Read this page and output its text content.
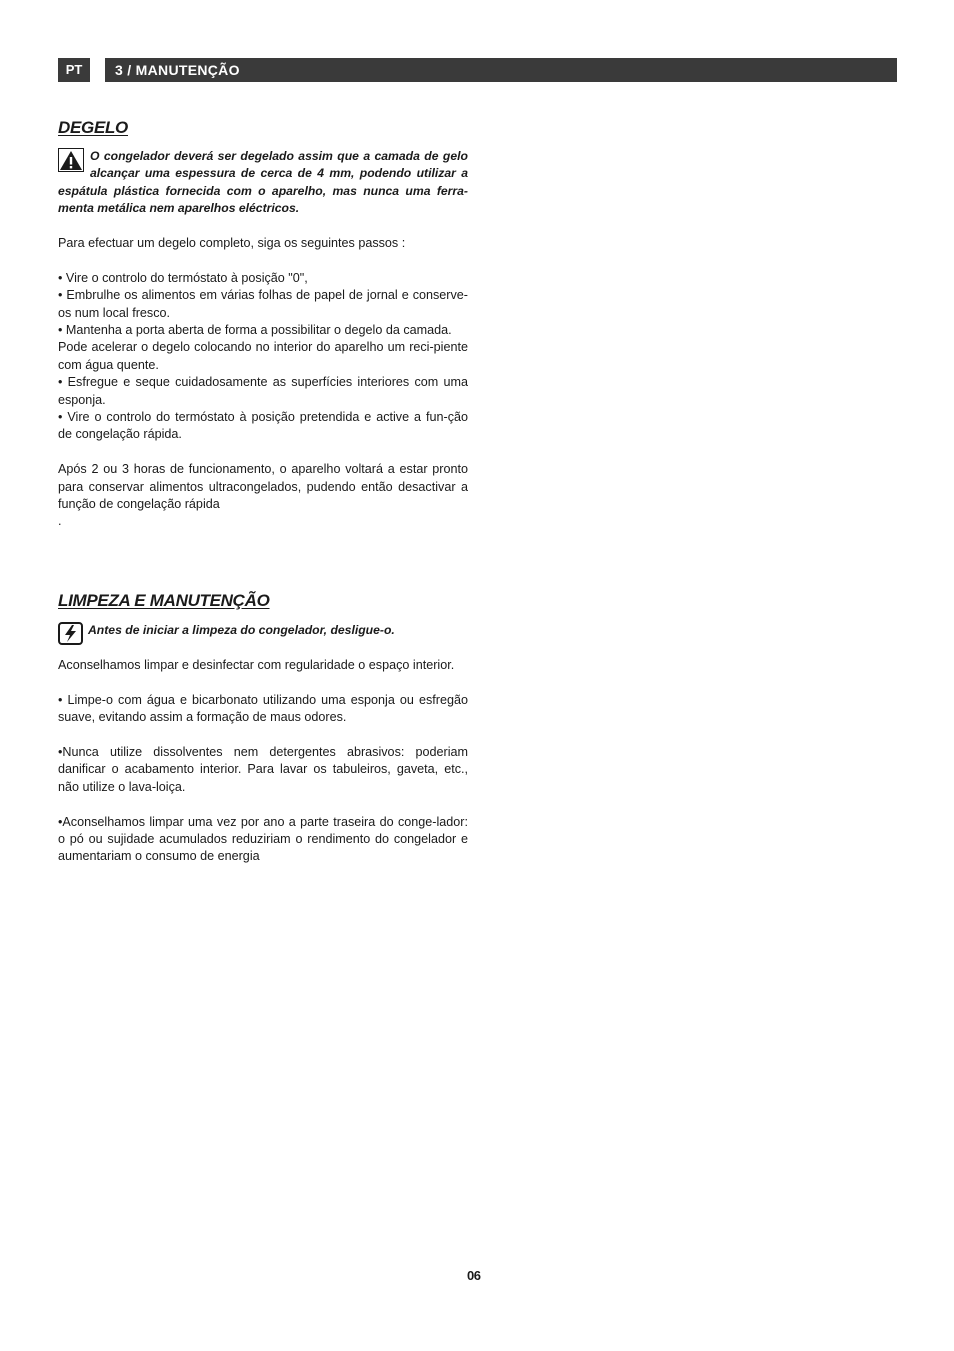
PT	3 / MANUTENÇÃO
DEGELO
O congelador deverá ser degelado assim que a camada de gelo alcançar uma espessura de cerca de 4 mm, podendo utilizar a espátula plástica fornecida com o aparelho, mas nunca uma ferra-menta metálica nem aparelhos eléctricos.

Para efectuar um degelo completo, siga os seguintes passos :

• Vire o controlo do termóstato à posição "0",

• Embrulhe os alimentos em várias folhas de papel de jornal e conserve-os num local fresco.

• Mantenha a porta aberta de forma a possibilitar o degelo da camada.

Pode acelerar o degelo colocando no interior do aparelho um reci-piente com água quente.

• Esfregue e seque cuidadosamente as superfícies interiores com uma esponja.

• Vire o controlo do termóstato à posição pretendida e active a fun-ção de congelação rápida.

Após 2 ou 3 horas de funcionamento, o aparelho voltará a estar pronto para conservar alimentos ultracongelados, pudendo então desactivar a função de congelação rápida

.

LIMPEZA E MANUTENÇÃO
Antes de iniciar a limpeza do congelador, desligue-o.

Aconselhamos limpar e desinfectar com regularidade o espaço interior.

• Limpe-o com água e bicarbonato utilizando uma esponja ou esfregão suave, evitando assim a formação de maus odores.

•Nunca utilize dissolventes nem detergentes abrasivos: poderiam danificar o acabamento interior. Para lavar os tabuleiros, gaveta, etc., não utilize o lava-loiça.

•Aconselhamos limpar uma vez por ano a parte traseira do conge-lador: o pó ou sujidade acumulados reduziriam o rendimento do congelador e aumentariam o consumo de energia

06
